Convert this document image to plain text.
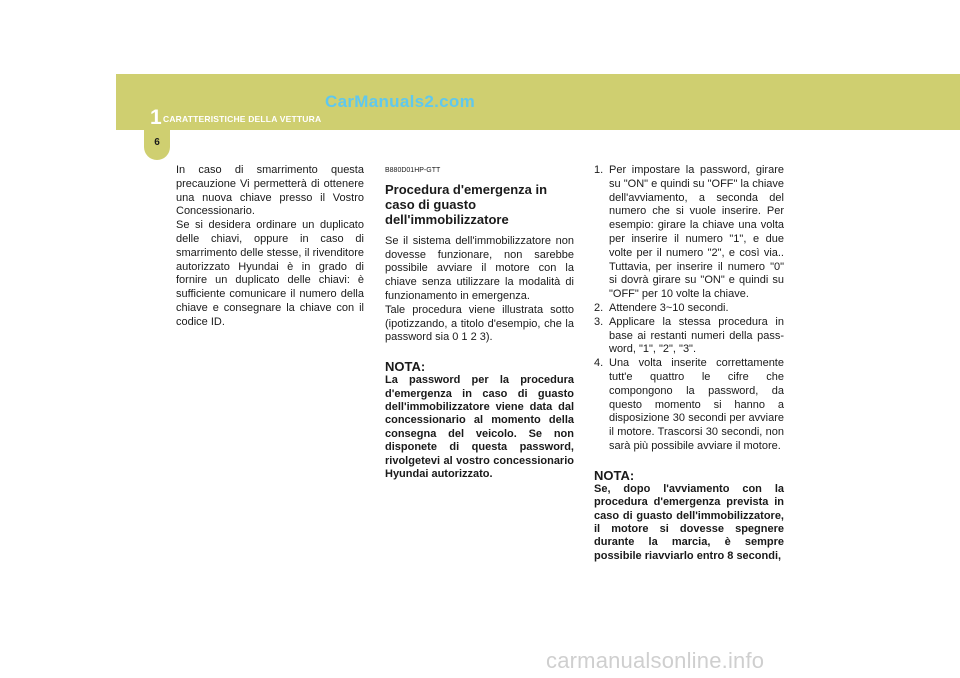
1 CARATTERISTICHE DELLA VETTURA
CarManuals2.com
6

In caso di smarrimento questa precauzione Vi permetterà di ottenere una nuova chiave presso il Vostro Concessionario.

Se si desidera ordinare un duplicato delle chiavi, oppure in caso di smarrimento delle stesse, il rivenditore autorizzato Hyundai è in grado di fornire un duplicato delle chiavi: è sufficiente comunicare il numero della chiave e consegnare la chiave con il codice ID.

B880D01HP-GTT

Procedura d'emergenza in caso di guasto dell'immobilizzatore

Se il sistema dell'immobilizzatore non dovesse funzionare, non sarebbe possibile avviare il motore con la chiave senza utilizzare la modalità di funzionamento in emergenza.

Tale procedura viene illustrata sotto (ipotizzando, a titolo d'esempio, che la password sia 0 1 2 3).

NOTA:

La password per la procedura d'emergenza in caso di guasto dell'immobilizzatore viene data dal concessionario al momento della consegna del veicolo. Se non disponete di questa password, rivolgetevi al vostro concessionario Hyundai autorizzato.

1. Per impostare la password, girare su "ON" e quindi su "OFF" la chiave dell'avviamento, a seconda del numero che si vuole inserire. Per esempio: girare la chiave una volta per inserire il numero "1", e due volte per il numero "2", e così via.. Tuttavia, per inserire il numero "0" si dovrà girare su "ON" e quindi su "OFF" per 10 volte la chiave.
2. Attendere 3~10 secondi.
3. Applicare la stessa procedura in base ai restanti numeri della pass-word, "1", "2", "3".
4. Una volta inserite correttamente tutt'e quattro le cifre che compongono la password, da questo momento si hanno a disposizione 30 secondi per avviare il motore. Trascorsi 30 secondi, non sarà più possibile avviare il motore.

NOTA:

Se, dopo l'avviamento con la procedura d'emergenza prevista in caso di guasto dell'immobilizzatore, il motore si dovesse spegnere durante la marcia, è sempre possibile riavviarlo entro 8 secondi,

carmanualsonline.info
